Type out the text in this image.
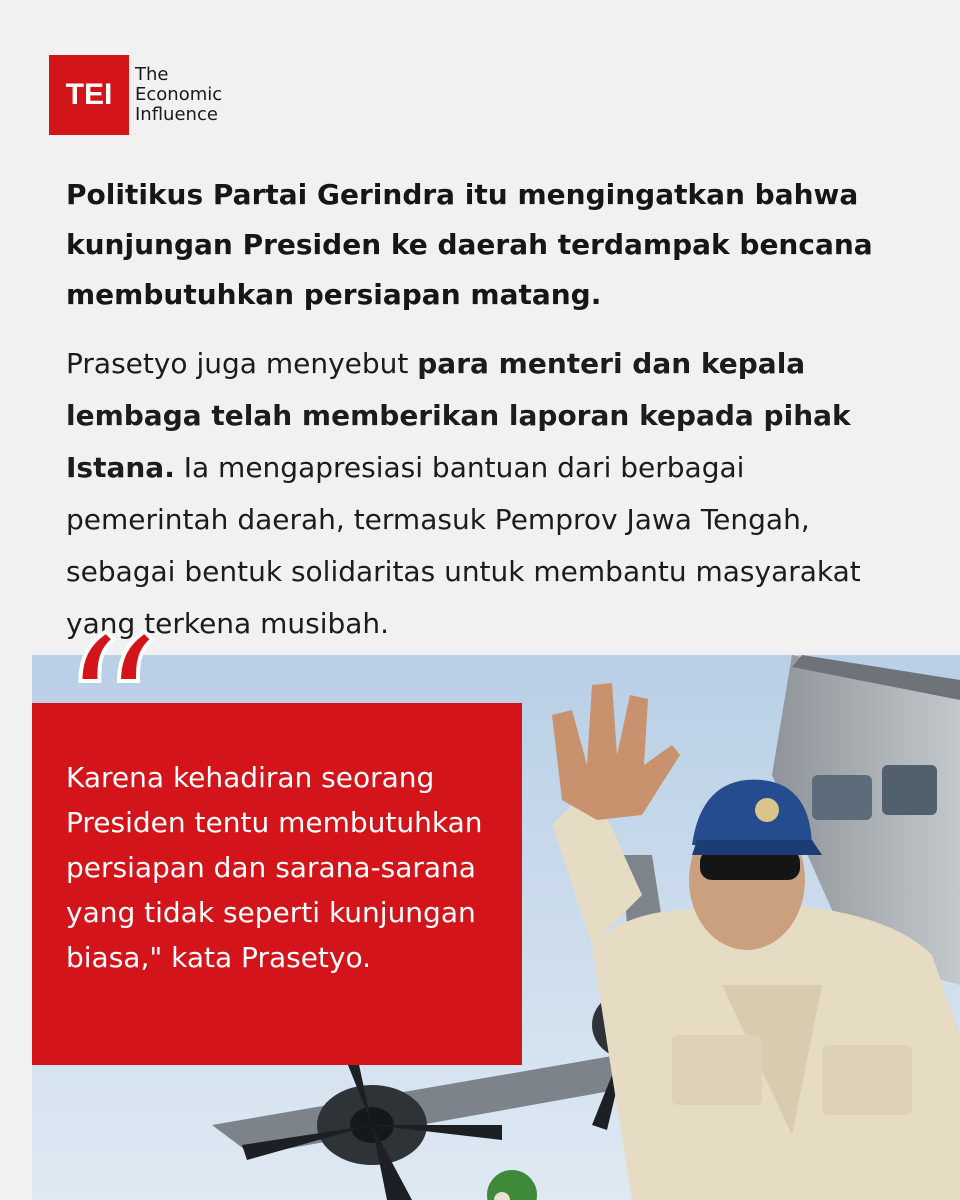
TEI
The
Economic
Influence
Politikus Partai Gerindra itu mengingatkan bahwa kunjungan Presiden ke daerah terdampak bencana membutuhkan persiapan matang.

Prasetyo juga menyebut para menteri dan kepala lembaga telah memberikan laporan kepada pihak Istana. Ia mengapresiasi bantuan dari berbagai pemerintah daerah, termasuk Pemprov Jawa Tengah, sebagai bentuk solidaritas untuk membantu masyarakat yang terkena musibah.

“
Karena kehadiran seorang Presiden tentu membutuhkan persiapan dan sarana-sarana yang tidak seperti kunjungan biasa," kata Prasetyo.
